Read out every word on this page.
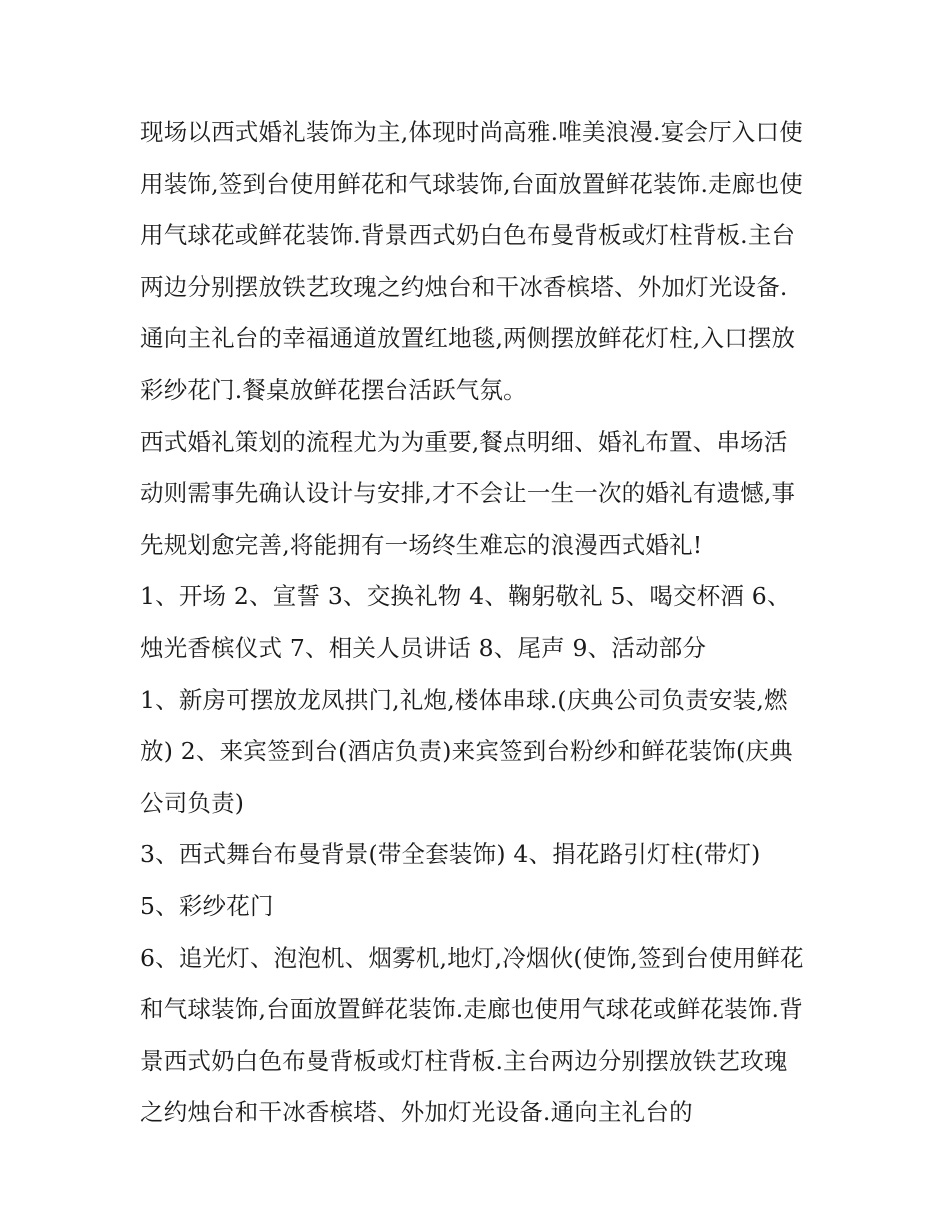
现场以西式婚礼装饰为主,体现时尚高雅.唯美浪漫.宴会厅入口使用装饰,签到台使用鲜花和气球装饰,台面放置鲜花装饰.走廊也使用气球花或鲜花装饰.背景西式奶白色布曼背板或灯柱背板.主台两边分别摆放铁艺玫瑰之约烛台和干冰香槟塔、外加灯光设备.通向主礼台的幸福通道放置红地毯,两侧摆放鲜花灯柱,入口摆放彩纱花门.餐桌放鲜花摆台活跃气氛。

西式婚礼策划的流程尤为为重要,餐点明细、婚礼布置、串场活动则需事先确认设计与安排,才不会让一生一次的婚礼有遗憾,事先规划愈完善,将能拥有一场终生难忘的浪漫西式婚礼!

1、开场 2、宣誓 3、交换礼物 4、鞠躬敬礼 5、喝交杯酒 6、烛光香槟仪式 7、相关人员讲话 8、尾声 9、活动部分

1、新房可摆放龙凤拱门,礼炮,楼体串球.(庆典公司负责安装,燃放) 2、来宾签到台(酒店负责)来宾签到台粉纱和鲜花装饰(庆典公司负责)

3、西式舞台布曼背景(带全套装饰) 4、捐花路引灯柱(带灯)

5、彩纱花门

6、追光灯、泡泡机、烟雾机,地灯,冷烟伙(使饰,签到台使用鲜花和气球装饰,台面放置鲜花装饰.走廊也使用气球花或鲜花装饰.背景西式奶白色布曼背板或灯柱背板.主台两边分别摆放铁艺玫瑰之约烛台和干冰香槟塔、外加灯光设备.通向主礼台的
